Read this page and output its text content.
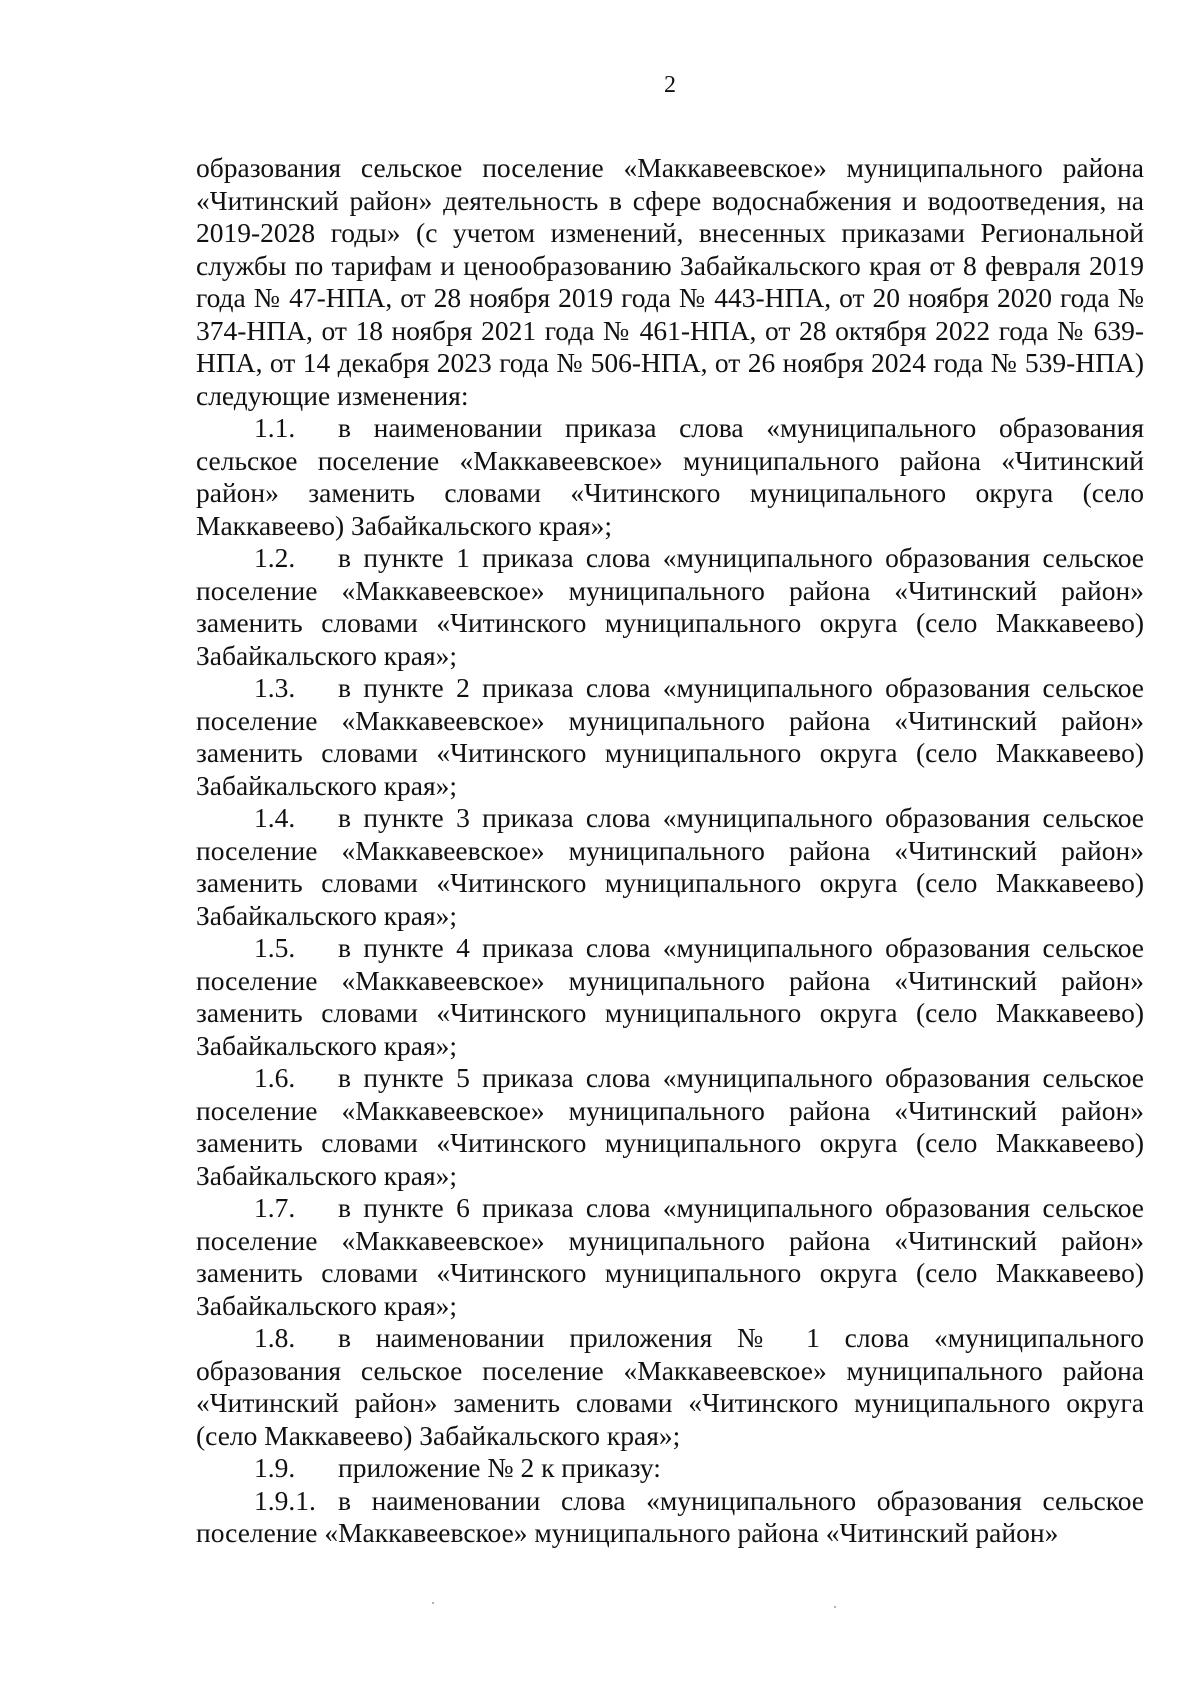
2

образования сельское поселение «Маккавеевское» муниципального района «Читинский район» деятельность в сфере водоснабжения и водоотведения, на 2019-2028 годы» (с учетом изменений, внесенных приказами Региональной службы по тарифам и ценообразованию Забайкальского края от 8 февраля 2019 года № 47-НПА, от 28 ноября 2019 года № 443-НПА, от 20 ноября 2020 года № 374-НПА, от 18 ноября 2021 года № 461-НПА, от 28 октября 2022 года № 639-НПА, от 14 декабря 2023 года № 506-НПА, от 26 ноября 2024 года № 539-НПА) следующие изменения:

1.1. в наименовании приказа слова «муниципального образования сельское поселение «Маккавеевское» муниципального района «Читинский район» заменить словами «Читинского муниципального округа (село Маккавеево) Забайкальского края»;

1.2. в пункте 1 приказа слова «муниципального образования сельское поселение «Маккавеевское» муниципального района «Читинский район» заменить словами «Читинского муниципального округа (село Маккавеево) Забайкальского края»;

1.3. в пункте 2 приказа слова «муниципального образования сельское поселение «Маккавеевское» муниципального района «Читинский район» заменить словами «Читинского муниципального округа (село Маккавеево) Забайкальского края»;

1.4. в пункте 3 приказа слова «муниципального образования сельское поселение «Маккавеевское» муниципального района «Читинский район» заменить словами «Читинского муниципального округа (село Маккавеево) Забайкальского края»;

1.5. в пункте 4 приказа слова «муниципального образования сельское поселение «Маккавеевское» муниципального района «Читинский район» заменить словами «Читинского муниципального округа (село Маккавеево) Забайкальского края»;

1.6. в пункте 5 приказа слова «муниципального образования сельское поселение «Маккавеевское» муниципального района «Читинский район» заменить словами «Читинского муниципального округа (село Маккавеево) Забайкальского края»;

1.7. в пункте 6 приказа слова «муниципального образования сельское поселение «Маккавеевское» муниципального района «Читинский район» заменить словами «Читинского муниципального округа (село Маккавеево) Забайкальского края»;

1.8. в наименовании приложения № 1 слова «муниципального образования сельское поселение «Маккавеевское» муниципального района «Читинский район» заменить словами «Читинского муниципального округа (село Маккавеево) Забайкальского края»;

1.9. приложение № 2 к приказу:

1.9.1. в наименовании слова «муниципального образования сельское поселение «Маккавеевское» муниципального района «Читинский район»
